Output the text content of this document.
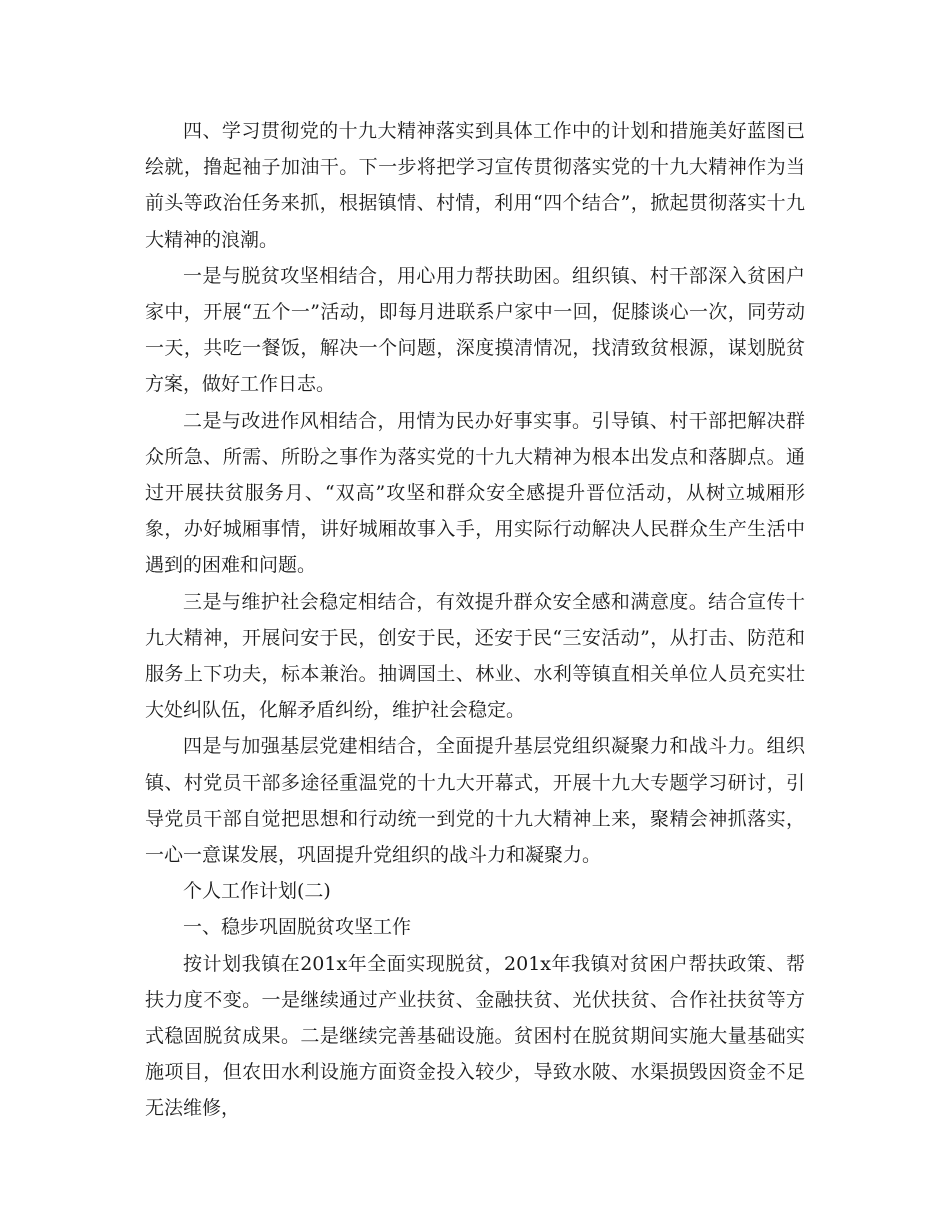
四、学习贯彻党的十九大精神落实到具体工作中的计划和措施美好蓝图已绘就，撸起袖子加油干。下一步将把学习宣传贯彻落实党的十九大精神作为当前头等政治任务来抓，根据镇情、村情，利用“四个结合”，掀起贯彻落实十九大精神的浪潮。

一是与脱贫攻坚相结合，用心用力帮扶助困。组织镇、村干部深入贫困户家中，开展“五个一”活动，即每月进联系户家中一回，促膝谈心一次，同劳动一天，共吃一餐饭，解决一个问题，深度摸清情况，找清致贫根源，谋划脱贫方案，做好工作日志。

二是与改进作风相结合，用情为民办好事实事。引导镇、村干部把解决群众所急、所需、所盼之事作为落实党的十九大精神为根本出发点和落脚点。通过开展扶贫服务月、“双高”攻坚和群众安全感提升晋位活动，从树立城厢形象，办好城厢事情，讲好城厢故事入手，用实际行动解决人民群众生产生活中遇到的困难和问题。

三是与维护社会稳定相结合，有效提升群众安全感和满意度。结合宣传十九大精神，开展问安于民，创安于民，还安于民“三安活动”，从打击、防范和服务上下功夫，标本兼治。抽调国土、林业、水利等镇直相关单位人员充实壮大处纠队伍，化解矛盾纠纷，维护社会稳定。

四是与加强基层党建相结合，全面提升基层党组织凝聚力和战斗力。组织镇、村党员干部多途径重温党的十九大开幕式，开展十九大专题学习研讨，引导党员干部自觉把思想和行动统一到党的十九大精神上来，聚精会神抓落实，一心一意谋发展，巩固提升党组织的战斗力和凝聚力。

个人工作计划(二)

一、稳步巩固脱贫攻坚工作

按计划我镇在201x年全面实现脱贫，201x年我镇对贫困户帮扶政策、帮扶力度不变。一是继续通过产业扶贫、金融扶贫、光伏扶贫、合作社扶贫等方式稳固脱贫成果。二是继续完善基础设施。贫困村在脱贫期间实施大量基础实施项目，但农田水利设施方面资金投入较少，导致水陂、水渠损毁因资金不足无法维修，
